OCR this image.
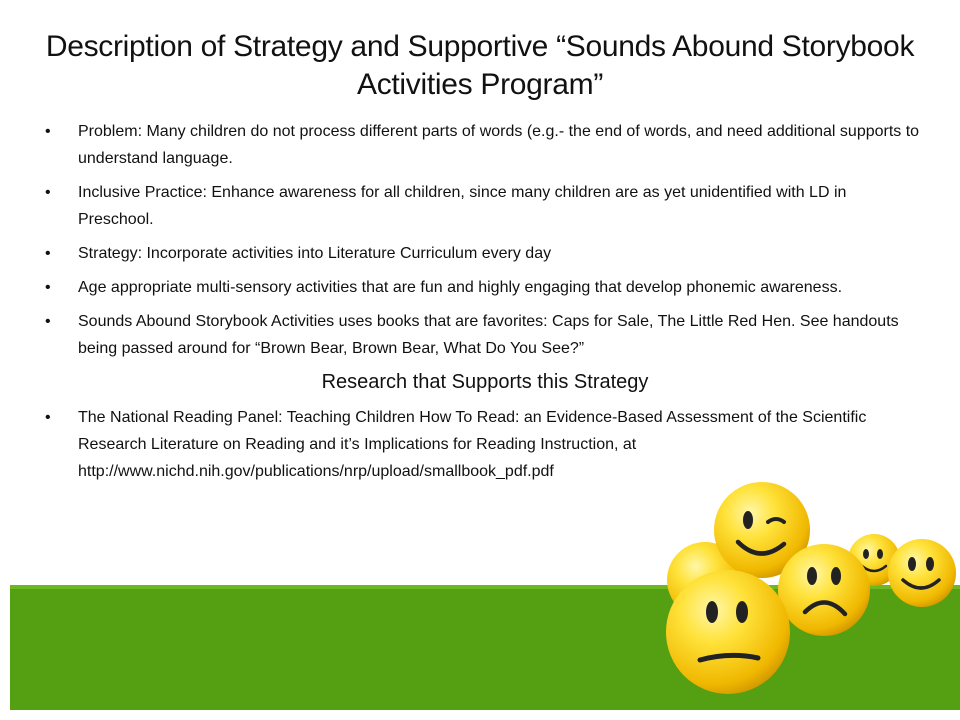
Description of Strategy and Supportive “Sounds Abound Storybook Activities Program”
• Problem: Many children do not process different parts of words (e.g.- the end of words, and need additional supports to understand language.
• Inclusive Practice: Enhance awareness for all children, since many children are as yet unidentified with LD in Preschool.
• Strategy: Incorporate activities into Literature Curriculum every day
• Age appropriate multi-sensory activities that are fun and highly engaging that develop phonemic awareness.
• Sounds Abound Storybook Activities uses books that are favorites: Caps for Sale, The Little Red Hen. See handouts being passed around for “Brown Bear, Brown Bear, What Do You See?”
Research that Supports this Strategy
• The National Reading Panel: Teaching Children How To Read: an Evidence-Based Assessment of the Scientific Research Literature on Reading and it’s Implications for Reading Instruction, at http://www.nichd.nih.gov/publications/nrp/upload/smallbook_pdf.pdf
